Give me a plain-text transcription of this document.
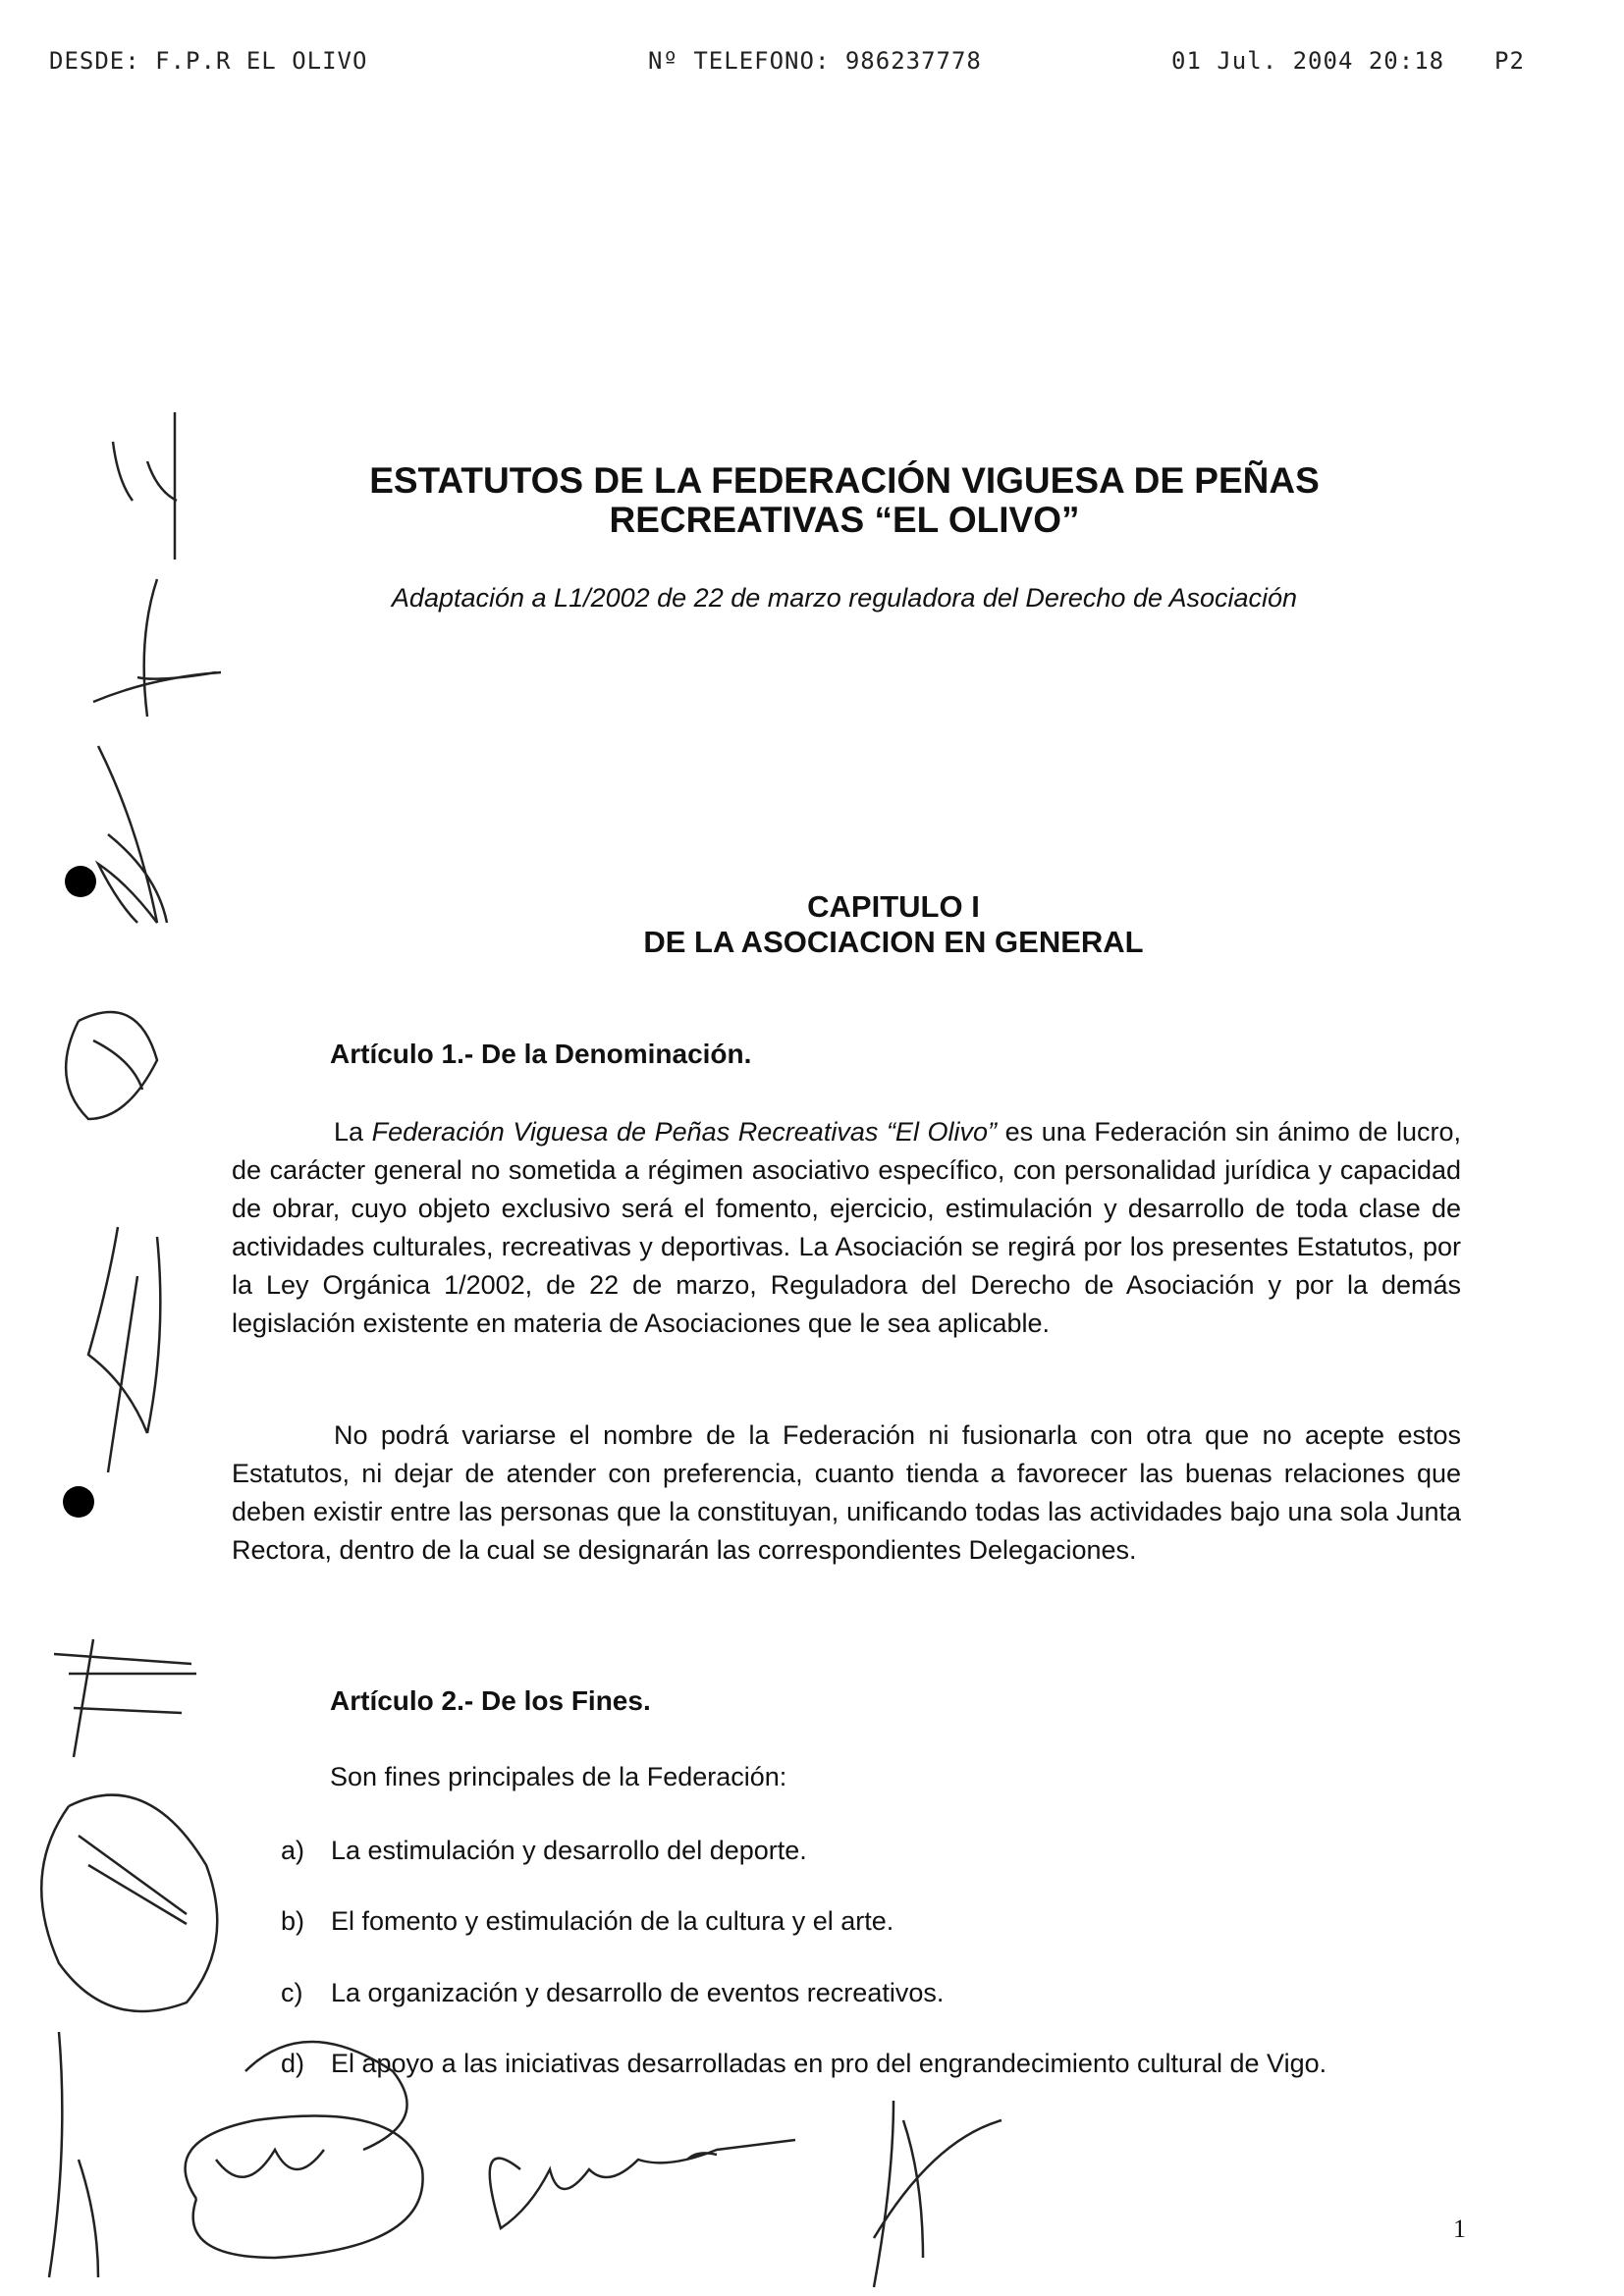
DESDE: F.P.R EL OLIVO	Nº TELEFONO: 986237778	01 Jul. 2004 20:18 P2
ESTATUTOS DE LA FEDERACIÓN VIGUESA DE PEÑAS
RECREATIVAS “EL OLIVO”
Adaptación a L1/2002 de 22 de marzo reguladora del Derecho de Asociación
CAPITULO I
DE LA ASOCIACION EN GENERAL
Artículo 1.- De la Denominación.
La Federación Viguesa de Peñas Recreativas “El Olivo” es una Federación sin ánimo de lucro, de carácter general no sometida a régimen asociativo específico, con personalidad jurídica y capacidad de obrar, cuyo objeto exclusivo será el fomento, ejercicio, estimulación y desarrollo de toda clase de actividades culturales, recreativas y deportivas. La Asociación se regirá por los presentes Estatutos, por la Ley Orgánica 1/2002, de 22 de marzo, Reguladora del Derecho de Asociación y por la demás legislación existente en materia de Asociaciones que le sea aplicable.
No podrá variarse el nombre de la Federación ni fusionarla con otra que no acepte estos Estatutos, ni dejar de atender con preferencia, cuanto tienda a favorecer las buenas relaciones que deben existir entre las personas que la constituyan, unificando todas las actividades bajo una sola Junta Rectora, dentro de la cual se designarán las correspondientes Delegaciones.
Artículo 2.- De los Fines.
Son fines principales de la Federación:
a) La estimulación y desarrollo del deporte.
b) El fomento y estimulación de la cultura y el arte.
c) La organización y desarrollo de eventos recreativos.
d) El apoyo a las iniciativas desarrolladas en pro del engrandecimiento cultural de Vigo.
1
